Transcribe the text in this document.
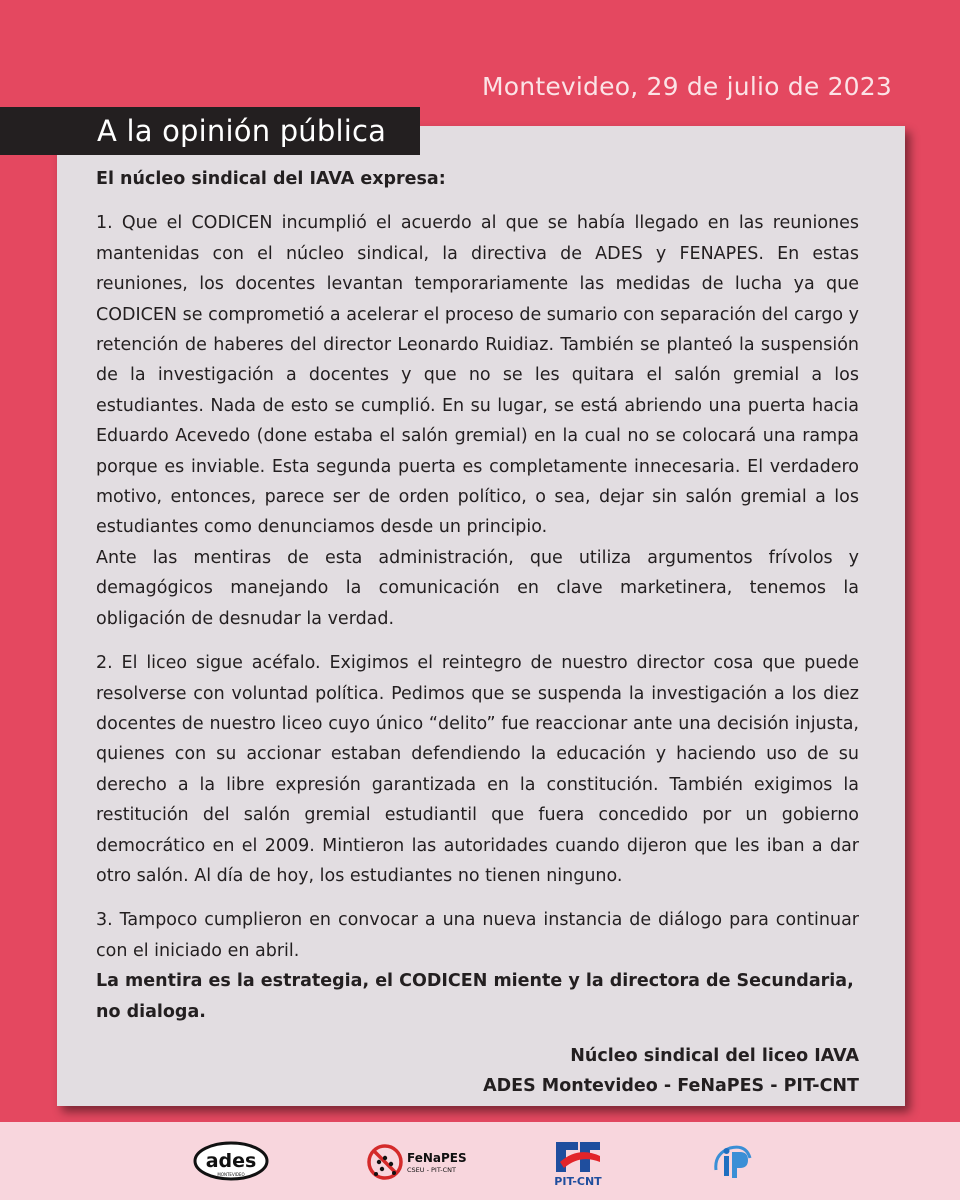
Montevideo, 29 de julio de 2023
A la opinión pública

El núcleo sindical del IAVA expresa:

1. Que el CODICEN incumplió el acuerdo al que se había llegado en las reuniones mantenidas con el núcleo sindical, la directiva de ADES y FENAPES. En estas reuniones, los docentes levantan temporariamente las medidas de lucha ya que CODICEN se comprometió a acelerar el proceso de sumario con separación del cargo y retención de haberes del director Leonardo Ruidiaz. También se planteó la suspensión de la investigación a docentes y que no se les quitara el salón gremial a los estudiantes. Nada de esto se cumplió. En su lugar, se está abriendo una puerta hacia Eduardo Acevedo (done estaba el salón gremial) en la cual no se colocará una rampa porque es inviable. Esta segunda puerta es completamente innecesaria. El verdadero motivo, entonces, parece ser de orden político, o sea, dejar sin salón gremial a los estudiantes como denunciamos desde un principio.

Ante las mentiras de esta administración, que utiliza argumentos frívolos y demagógicos manejando la comunicación en clave marketinera, tenemos la obligación de desnudar la verdad.

2. El liceo sigue acéfalo. Exigimos el reintegro de nuestro director cosa que puede resolverse con voluntad política. Pedimos que se suspenda la investigación a los diez docentes de nuestro liceo cuyo único “delito” fue reaccionar ante una decisión injusta, quienes con su accionar estaban defendiendo la educación y haciendo uso de su derecho a la libre expresión garantizada en la constitución. También exigimos la restitución del salón gremial estudiantil que fuera concedido por un gobierno democrático en el 2009. Mintieron las autoridades cuando dijeron que les iban a dar otro salón. Al día de hoy, los estudiantes no tienen ninguno.

3. Tampoco cumplieron en convocar a una nueva instancia de diálogo para continuar con el iniciado en abril.

La mentira es la estrategia, el CODICEN miente y la directora de Secundaria, no dialoga.

Núcleo sindical del liceo IAVA

ADES Montevideo - FeNaPES - PIT-CNT

ades
MONTEVIDEO
FeNaPES
CSEU - PIT-CNT
PIT-CNT
